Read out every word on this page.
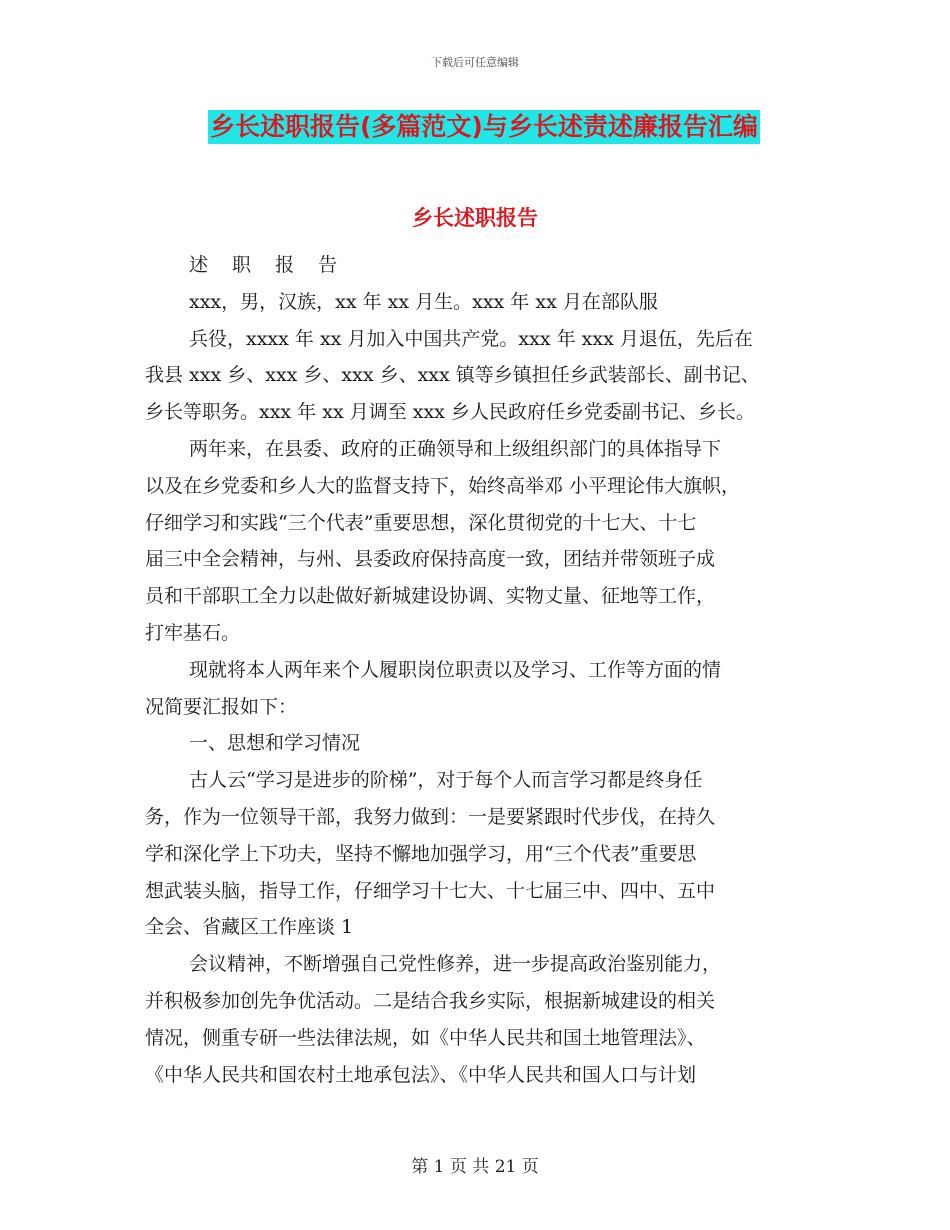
下载后可任意编辑
乡长述职报告(多篇范文)与乡长述责述廉报告汇编
乡长述职报告
述 职 报 告
xxx，男，汉族，xx 年 xx 月生。xxx 年 xx 月在部队服
兵役，xxxx 年 xx 月加入中国共产党。xxx 年 xxx 月退伍，先后在
我县 xxx 乡、xxx 乡、xxx 乡、xxx 镇等乡镇担任乡武装部长、副书记、
乡长等职务。xxx 年 xx 月调至 xxx 乡人民政府任乡党委副书记、乡长。
两年来，在县委、政府的正确领导和上级组织部门的具体指导下
以及在乡党委和乡人大的监督支持下，始终高举邓 小平理论伟大旗帜，
仔细学习和实践“三个代表”重要思想，深化贯彻党的十七大、十七
届三中全会精神，与州、县委政府保持高度一致，团结并带领班子成
员和干部职工全力以赴做好新城建设协调、实物丈量、征地等工作，
打牢基石。
现就将本人两年来个人履职岗位职责以及学习、工作等方面的情
况简要汇报如下：
一、思想和学习情况
古人云“学习是进步的阶梯”，对于每个人而言学习都是终身任
务，作为一位领导干部，我努力做到：一是要紧跟时代步伐，在持久
学和深化学上下功夫，坚持不懈地加强学习，用“三个代表”重要思
想武装头脑，指导工作，仔细学习十七大、十七届三中、四中、五中
全会、省藏区工作座谈 1
会议精神，不断增强自己党性修养，进一步提高政治鉴别能力，
并积极参加创先争优活动。二是结合我乡实际，根据新城建设的相关
情况，侧重专研一些法律法规，如《中华人民共和国土地管理法》、
《中华人民共和国农村土地承包法》、《中华人民共和国人口与计划
第 1 页 共 21 页
